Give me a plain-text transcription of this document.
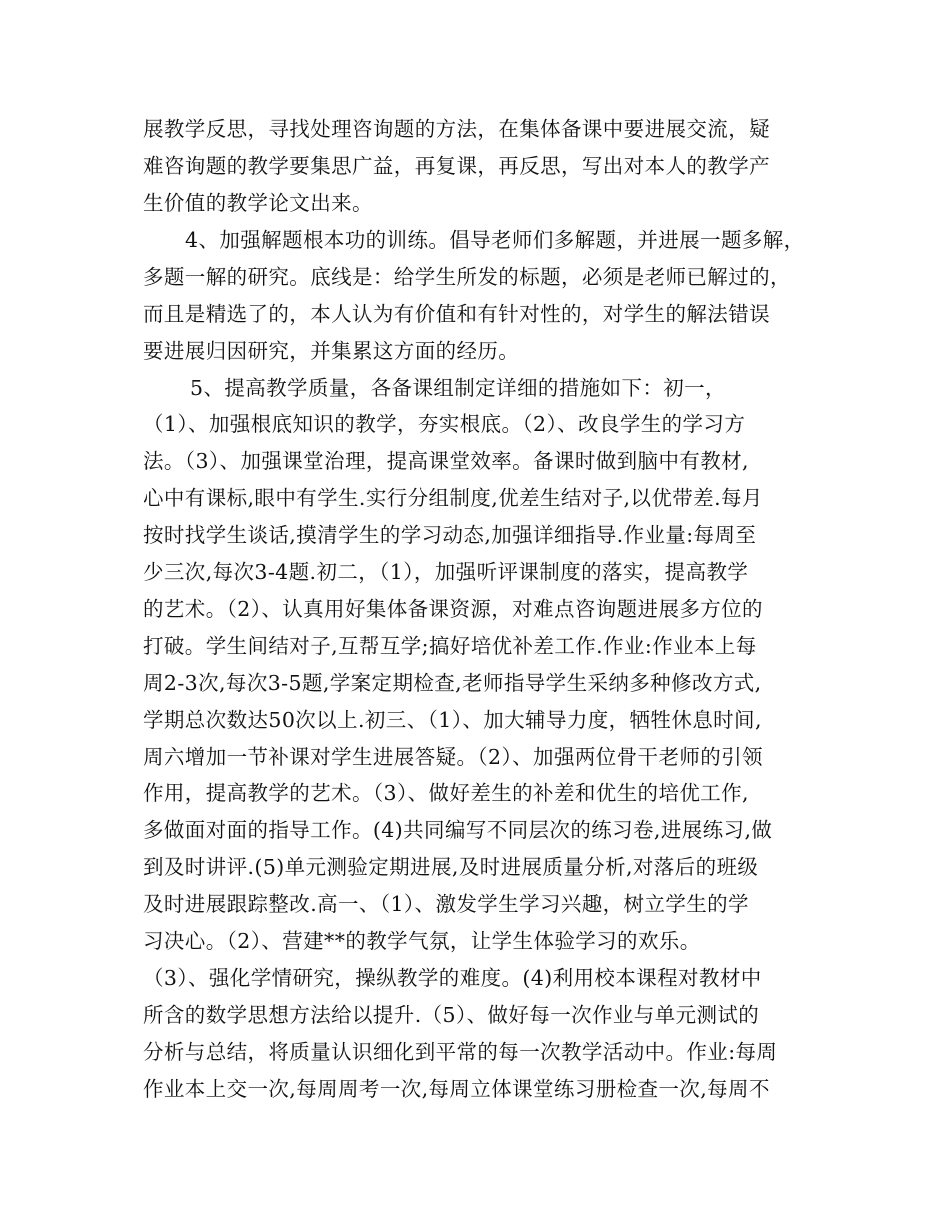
展教学反思，寻找处理咨询题的方法，在集体备课中要进展交流，疑
难咨询题的教学要集思广益，再复课，再反思，写出对本人的教学产
生价值的教学论文出来。
4、加强解题根本功的训练。倡导老师们多解题，并进展一题多解，
多题一解的研究。底线是：给学生所发的标题，必须是老师已解过的，
而且是精选了的，本人认为有价值和有针对性的，对学生的解法错误
要进展归因研究，并集累这方面的经历。
5、提高教学质量，各备课组制定详细的措施如下：初一，
（1）、加强根底知识的教学，夯实根底。（2）、改良学生的学习方
法。（3）、加强课堂治理，提高课堂效率。备课时做到脑中有教材,
心中有课标,眼中有学生.实行分组制度,优差生结对子,以优带差.每月
按时找学生谈话,摸清学生的学习动态,加强详细指导.作业量:每周至
少三次,每次3-4题.初二，（1），加强听评课制度的落实，提高教学
的艺术。（2）、认真用好集体备课资源，对难点咨询题进展多方位的
打破。学生间结对子,互帮互学;搞好培优补差工作.作业:作业本上每
周2-3次,每次3-5题,学案定期检查,老师指导学生采纳多种修改方式,
学期总次数达50次以上.初三、（1）、加大辅导力度，牺牲休息时间,
周六增加一节补课对学生进展答疑。（2）、加强两位骨干老师的引领
作用，提高教学的艺术。（3）、做好差生的补差和优生的培优工作,
多做面对面的指导工作。(4)共同编写不同层次的练习卷,进展练习,做
到及时讲评.(5)单元测验定期进展,及时进展质量分析,对落后的班级
及时进展跟踪整改.高一、（1）、激发学生学习兴趣，树立学生的学
习决心。（2）、营建**的教学气氛，让学生体验学习的欢乐。
（3）、强化学情研究，操纵教学的难度。(4)利用校本课程对教材中
所含的数学思想方法给以提升.（5）、做好每一次作业与单元测试的
分析与总结，将质量认识细化到平常的每一次教学活动中。作业:每周
作业本上交一次,每周周考一次,每周立体课堂练习册检查一次,每周不
